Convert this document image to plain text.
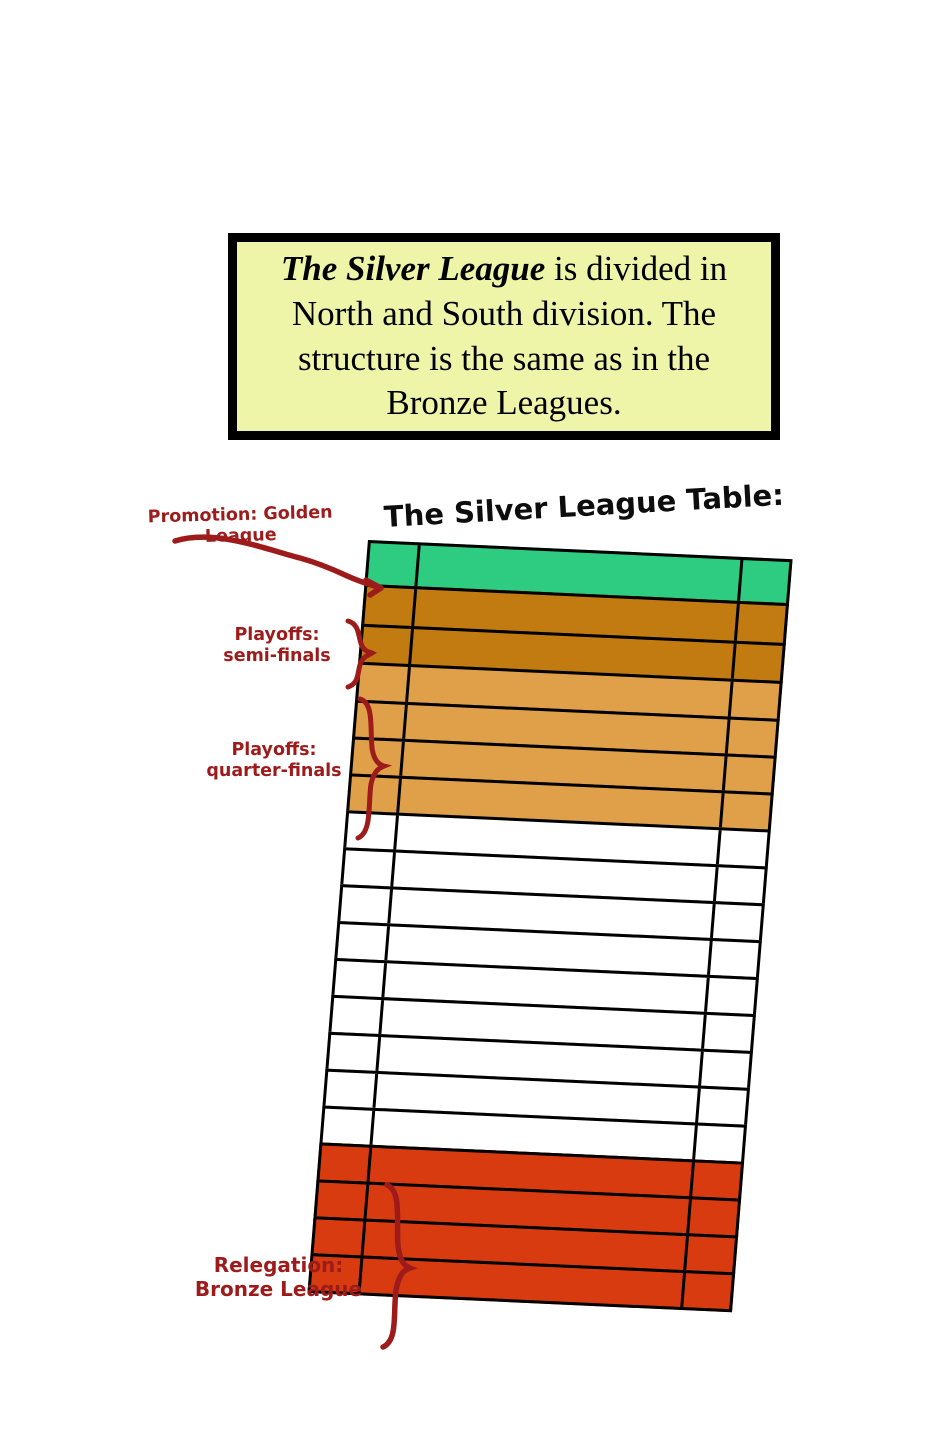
The Silver League is divided in North and South division. The structure is the same as in the Bronze Leagues.
The Silver League Table:
Promotion: Golden League
Playoffs:
semi-finals
Playoffs:
quarter-finals
Relegation:
Bronze League
